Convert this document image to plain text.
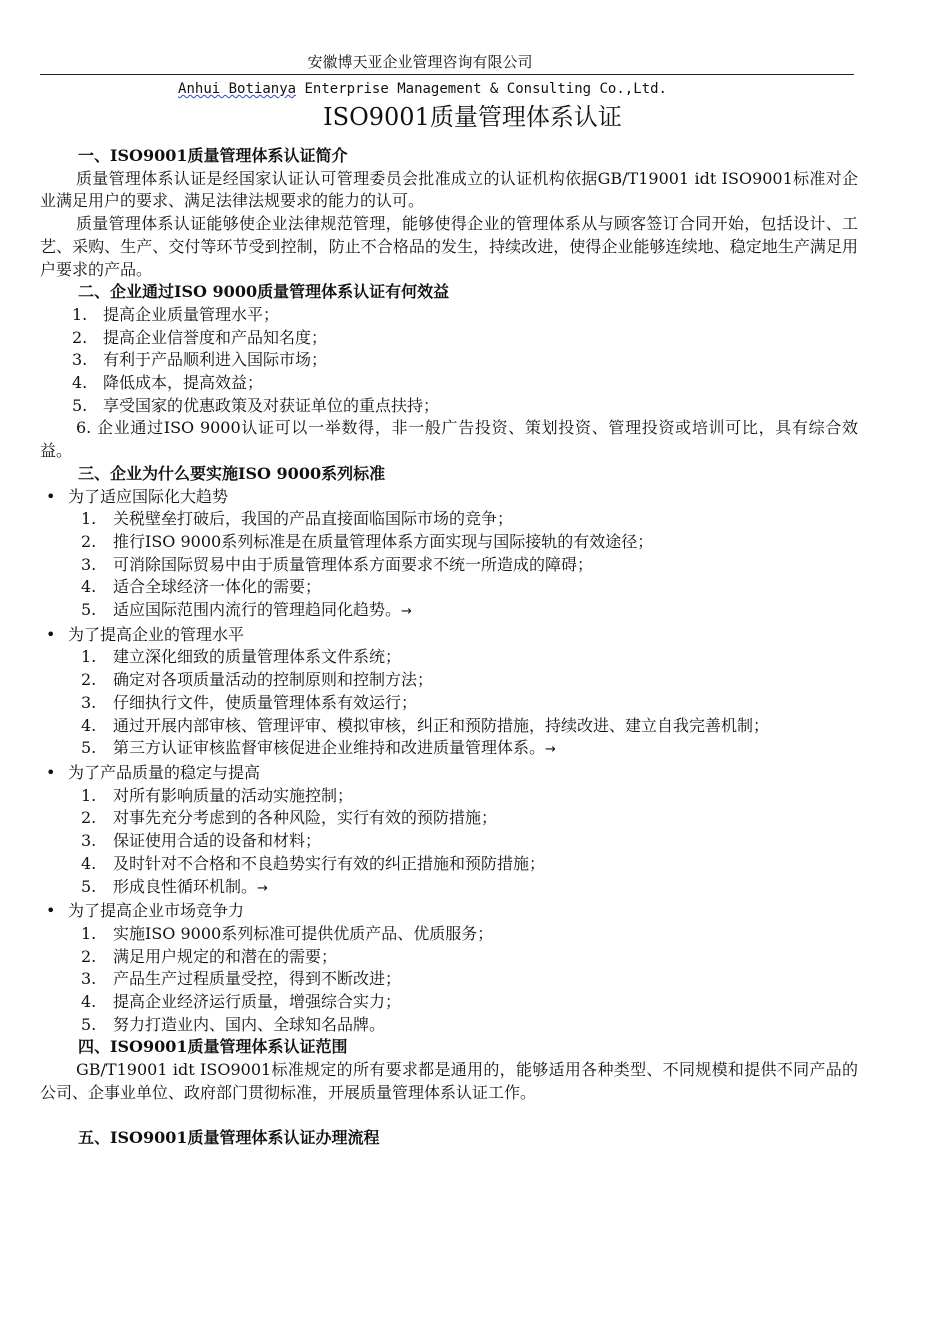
安徽博天亚企业管理咨询有限公司
Anhui Botianya Enterprise Management & Consulting Co.,Ltd.
ISO9001质量管理体系认证

一、ISO9001质量管理体系认证简介

质量管理体系认证是经国家认证认可管理委员会批准成立的认证机构依据GB/T19001 idt ISO9001标准对企业满足用户的要求、满足法律法规要求的能力的认可。

质量管理体系认证能够使企业法律规范管理，能够使得企业的管理体系从与顾客签订合同开始，包括设计、工艺、采购、生产、交付等环节受到控制，防止不合格品的发生，持续改进，使得企业能够连续地、稳定地生产满足用户要求的产品。

二、企业通过ISO 9000质量管理体系认证有何效益

1. 提高企业质量管理水平；

2. 提高企业信誉度和产品知名度；

3. 有利于产品顺利进入国际市场；

4. 降低成本，提高效益；

5. 享受国家的优惠政策及对获证单位的重点扶持；

6. 企业通过ISO 9000认证可以一举数得，非一般广告投资、策划投资、管理投资或培训可比，具有综合效益。

三、企业为什么要实施ISO 9000系列标准

• 为了适应国际化大趋势

1. 关税壁垒打破后，我国的产品直接面临国际市场的竞争；

2. 推行ISO 9000系列标准是在质量管理体系方面实现与国际接轨的有效途径；

3. 可消除国际贸易中由于质量管理体系方面要求不统一所造成的障碍；

4. 适合全球经济一体化的需要；

5. 适应国际范围内流行的管理趋同化趋势。→

• 为了提高企业的管理水平

1. 建立深化细致的质量管理体系文件系统；

2. 确定对各项质量活动的控制原则和控制方法；

3. 仔细执行文件，使质量管理体系有效运行；

4. 通过开展内部审核、管理评审、模拟审核，纠正和预防措施，持续改进、建立自我完善机制；

5. 第三方认证审核监督审核促进企业维持和改进质量管理体系。→

• 为了产品质量的稳定与提高

1. 对所有影响质量的活动实施控制；

2. 对事先充分考虑到的各种风险，实行有效的预防措施；

3. 保证使用合适的设备和材料；

4. 及时针对不合格和不良趋势实行有效的纠正措施和预防措施；

5. 形成良性循环机制。→

• 为了提高企业市场竞争力

1. 实施ISO 9000系列标准可提供优质产品、优质服务；

2. 满足用户规定的和潜在的需要；

3. 产品生产过程质量受控，得到不断改进；

4. 提高企业经济运行质量，增强综合实力；

5. 努力打造业内、国内、全球知名品牌。

四、ISO9001质量管理体系认证范围

GB/T19001 idt ISO9001标准规定的所有要求都是通用的，能够适用各种类型、不同规模和提供不同产品的公司、企事业单位、政府部门贯彻标准，开展质量管理体系认证工作。

五、ISO9001质量管理体系认证办理流程
